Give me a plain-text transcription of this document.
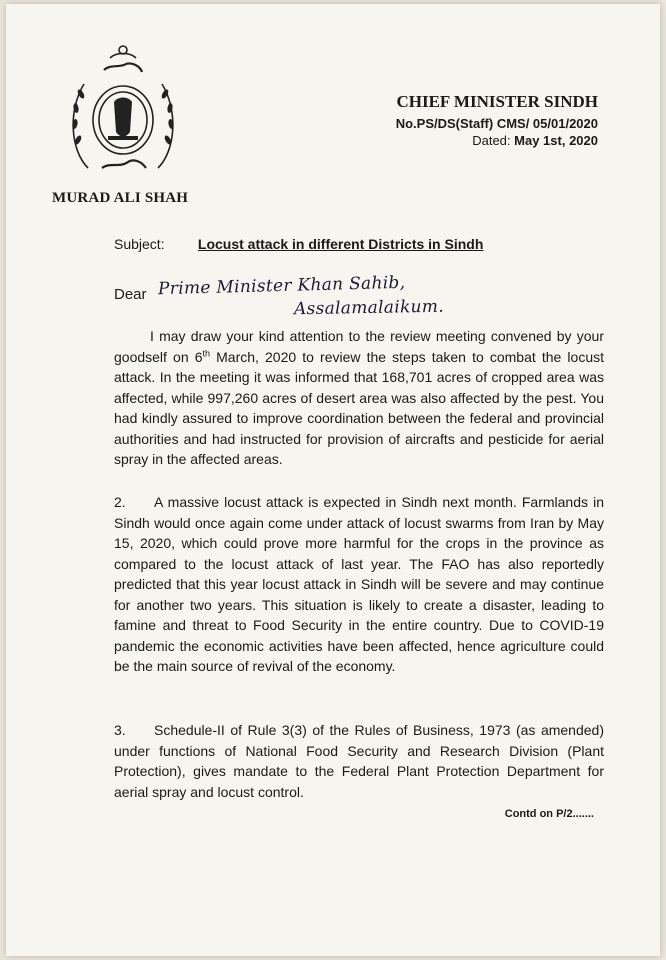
MURAD ALI SHAH
CHIEF MINISTER SINDH
No.PS/DS(Staff) CMS/ 05/01/2020
Dated: May 1st, 2020
Subject: Locust attack in different Districts in Sindh
Dear Prime Minister Khan Sahib,
Assalamalaikum.
I may draw your kind attention to the review meeting convened by your goodself on 6th March, 2020 to review the steps taken to combat the locust attack. In the meeting it was informed that 168,701 acres of cropped area was affected, while 997,260 acres of desert area was also affected by the pest. You had kindly assured to improve coordination between the federal and provincial authorities and had instructed for provision of aircrafts and pesticide for aerial spray in the affected areas.
2. A massive locust attack is expected in Sindh next month. Farmlands in Sindh would once again come under attack of locust swarms from Iran by May 15, 2020, which could prove more harmful for the crops in the province as compared to the locust attack of last year. The FAO has also reportedly predicted that this year locust attack in Sindh will be severe and may continue for another two years. This situation is likely to create a disaster, leading to famine and threat to Food Security in the entire country. Due to COVID-19 pandemic the economic activities have been affected, hence agriculture could be the main source of revival of the economy.
3. Schedule-II of Rule 3(3) of the Rules of Business, 1973 (as amended) under functions of National Food Security and Research Division (Plant Protection), gives mandate to the Federal Plant Protection Department for aerial spray and locust control.
Contd on P/2.......
